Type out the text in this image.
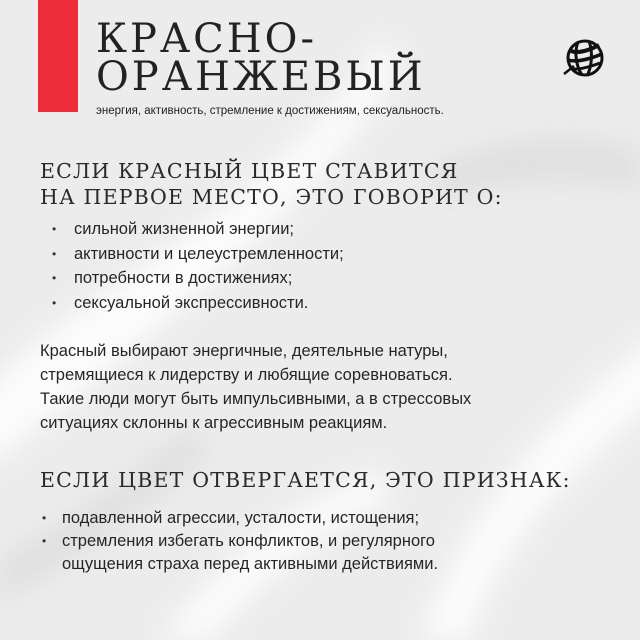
КРАСНО-
ОРАНЖЕВЫЙ
энергия, активность, стремление к достижениям, сексуальность.
ЕСЛИ КРАСНЫЙ ЦВЕТ СТАВИТСЯ
НА ПЕРВОЕ МЕСТО, ЭТО ГОВОРИТ О:
• сильной жизненной энергии;
• активности и целеустремленности;
• потребности в достижениях;
• сексуальной экспрессивности.

Красный выбирают энергичные, деятельные натуры,
стремящиеся к лидерству и любящие соревноваться.
Такие люди могут быть импульсивными, а в стрессовых
ситуациях склонны к агрессивным реакциям.

ЕСЛИ ЦВЕТ ОТВЕРГАЕТСЯ, ЭТО ПРИЗНАК:
• подавленной агрессии, усталости, истощения;
• стремления избегать конфликтов, и регулярного
ощущения страха перед активными действиями.
